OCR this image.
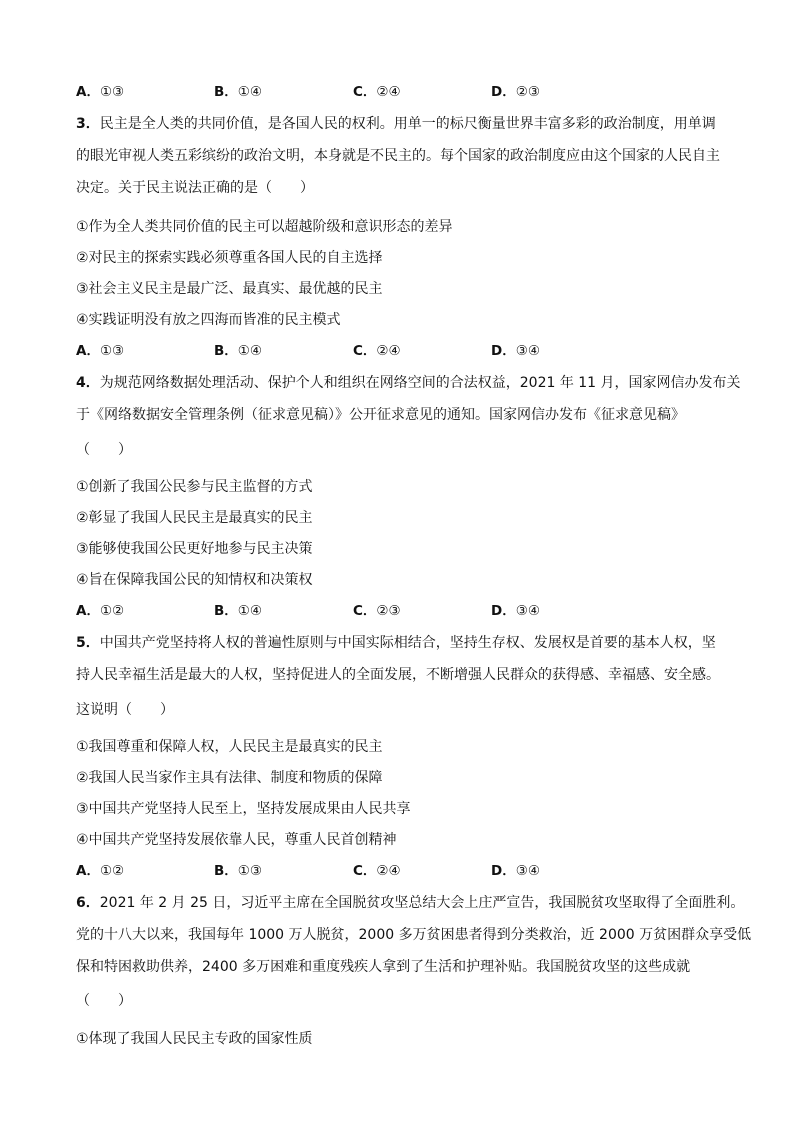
A．①③	B．①④	C．②④	D．②③
3．民主是全人类的共同价值，是各国人民的权利。用单一的标尺衡量世界丰富多彩的政治制度，用单调
的眼光审视人类五彩缤纷的政治文明，本身就是不民主的。每个国家的政治制度应由这个国家的人民自主
决定。关于民主说法正确的是（　　）
①作为全人类共同价值的民主可以超越阶级和意识形态的差异
②对民主的探索实践必须尊重各国人民的自主选择
③社会主义民主是最广泛、最真实、最优越的民主
④实践证明没有放之四海而皆准的民主模式
A．①③	B．①④	C．②④	D．③④
4．为规范网络数据处理活动、保护个人和组织在网络空间的合法权益，2021 年 11 月，国家网信办发布关
于《网络数据安全管理条例（征求意见稿）》公开征求意见的通知。国家网信办发布《征求意见稿》
（　　）
①创新了我国公民参与民主监督的方式
②彰显了我国人民民主是最真实的民主
③能够使我国公民更好地参与民主决策
④旨在保障我国公民的知情权和决策权
A．①②	B．①④	C．②③	D．③④
5．中国共产党坚持将人权的普遍性原则与中国实际相结合，坚持生存权、发展权是首要的基本人权，坚
持人民幸福生活是最大的人权，坚持促进人的全面发展，不断增强人民群众的获得感、幸福感、安全感。
这说明（　　）
①我国尊重和保障人权，人民民主是最真实的民主
②我国人民当家作主具有法律、制度和物质的保障
③中国共产党坚持人民至上，坚持发展成果由人民共享
④中国共产党坚持发展依靠人民，尊重人民首创精神
A．①②	B．①③	C．②④	D．③④
6．2021 年 2 月 25 日，习近平主席在全国脱贫攻坚总结大会上庄严宣告，我国脱贫攻坚取得了全面胜利。
党的十八大以来，我国每年 1000 万人脱贫，2000 多万贫困患者得到分类救治，近 2000 万贫困群众享受低
保和特困救助供养，2400 多万困难和重度残疾人拿到了生活和护理补贴。我国脱贫攻坚的这些成就
（　　）
①体现了我国人民民主专政的国家性质
